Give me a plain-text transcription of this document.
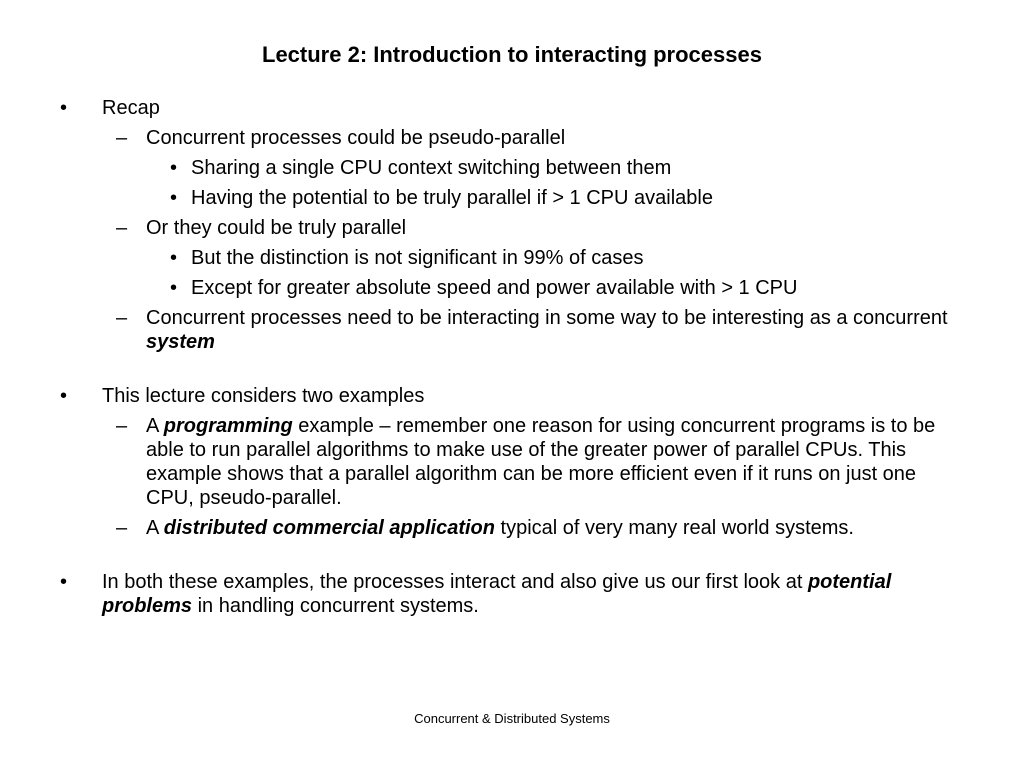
Lecture 2: Introduction to interacting processes
• Recap
– Concurrent processes could be pseudo-parallel
• Sharing a single CPU context switching between them
• Having the potential to be truly parallel if > 1 CPU available
– Or they could be truly parallel
• But the distinction is not significant in 99% of cases
• Except for greater absolute speed and power available with > 1 CPU
– Concurrent processes need to be interacting in some way to be interesting as a concurrent system
• This lecture considers two examples
– A programming example – remember one reason for using concurrent programs is to be able to run parallel algorithms to make use of the greater power of parallel CPUs. This example shows that a parallel algorithm can be more efficient even if it runs on just one CPU, pseudo-parallel.
– A distributed commercial application typical of very many real world systems.
• In both these examples, the processes interact and also give us our first look at potential problems in handling concurrent systems.
Concurrent & Distributed Systems
